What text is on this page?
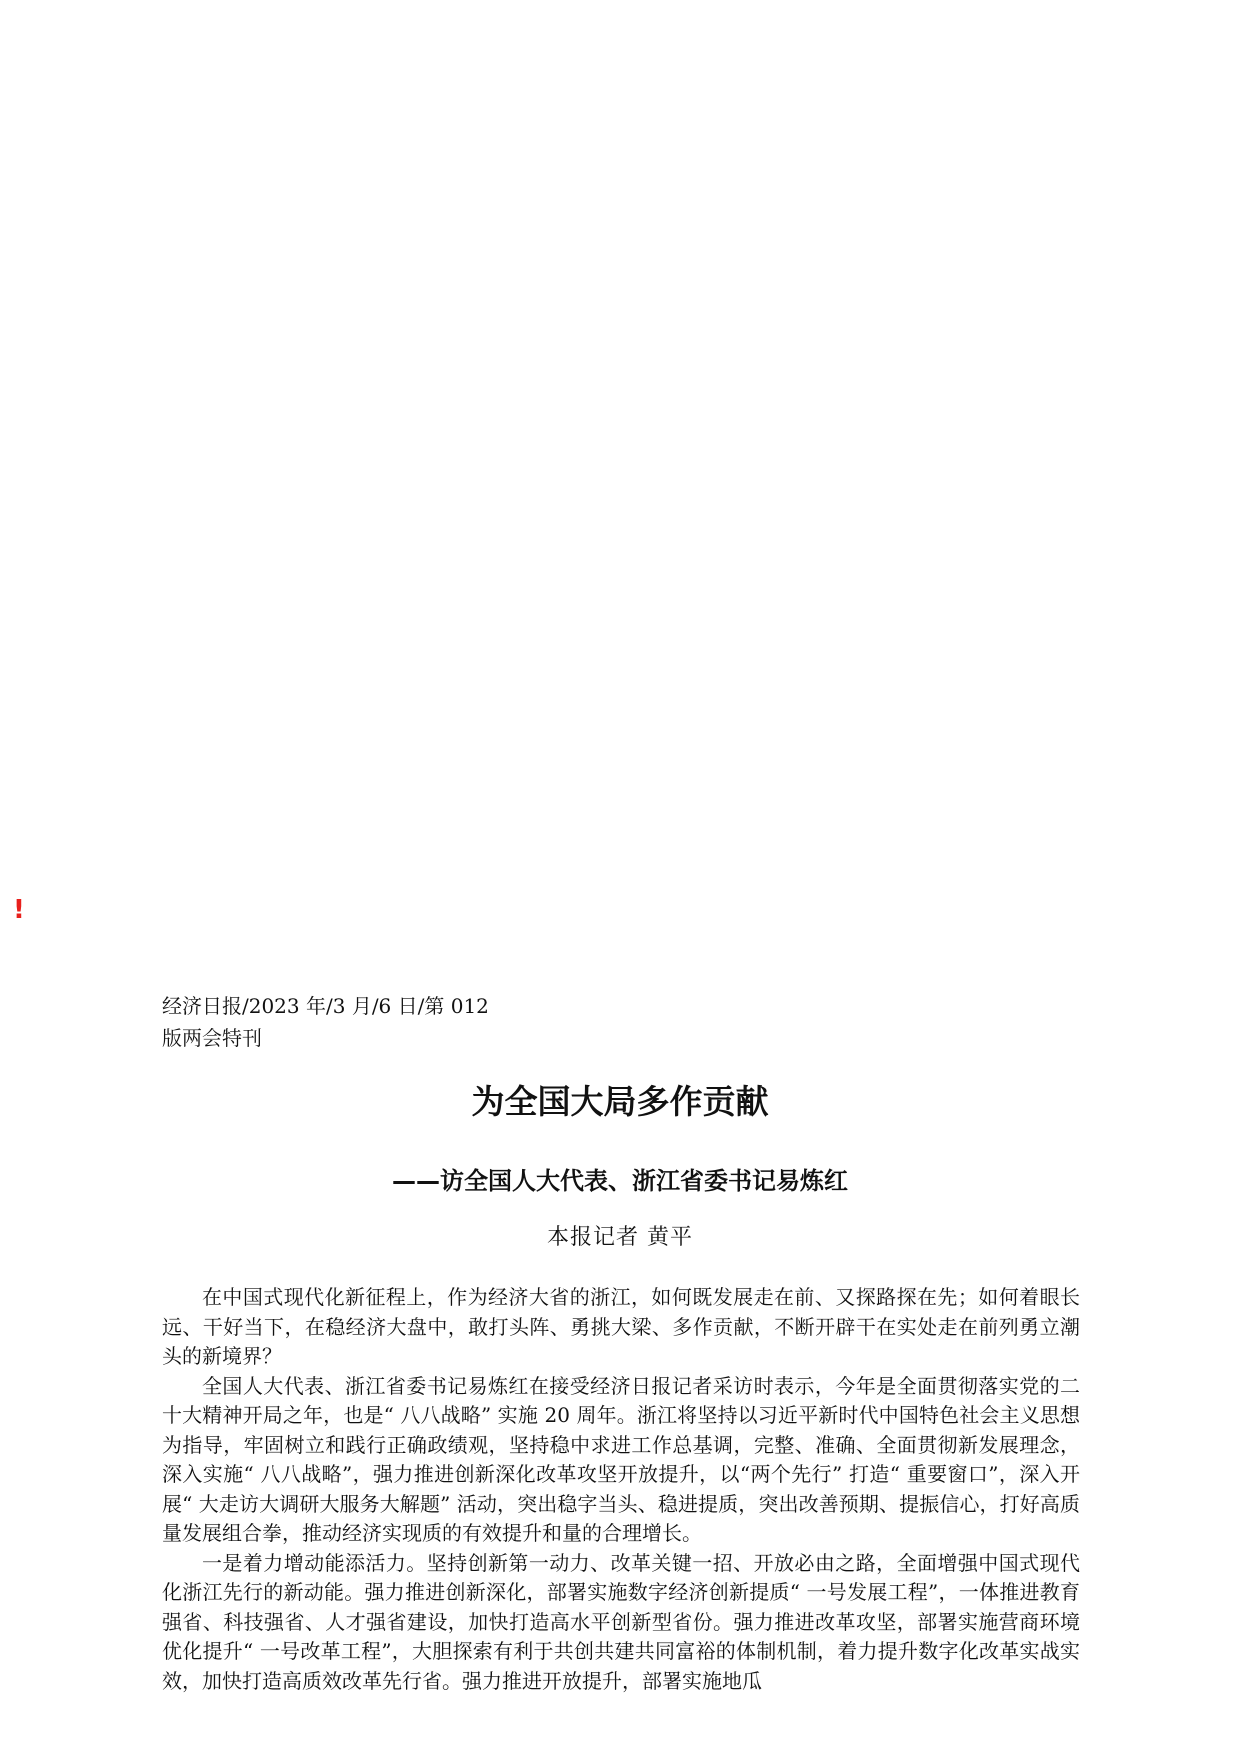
!
经济日报/2023 年/3 月/6 日/第 012 版两会特刊
为全国大局多作贡献
——访全国人大代表、浙江省委书记易炼红
本报记者 黄平

在中国式现代化新征程上，作为经济大省的浙江，如何既发展走在前、又探路探在先；如何着眼长远、干好当下，在稳经济大盘中，敢打头阵、勇挑大梁、多作贡献，不断开辟干在实处走在前列勇立潮头的新境界？

全国人大代表、浙江省委书记易炼红在接受经济日报记者采访时表示，今年是全面贯彻落实党的二十大精神开局之年，也是“ 八八战略” 实施 20 周年。浙江将坚持以习近平新时代中国特色社会主义思想为指导，牢固树立和践行正确政绩观，坚持稳中求进工作总基调，完整、准确、全面贯彻新发展理念，深入实施“ 八八战略”，强力推进创新深化改革攻坚开放提升，以“两个先行” 打造“ 重要窗口”，深入开展“ 大走访大调研大服务大解题” 活动，突出稳字当头、稳进提质，突出改善预期、提振信心，打好高质量发展组合拳，推动经济实现质的有效提升和量的合理增长。

一是着力增动能添活力。坚持创新第一动力、改革关键一招、开放必由之路，全面增强中国式现代化浙江先行的新动能。强力推进创新深化，部署实施数字经济创新提质“ 一号发展工程”，一体推进教育强省、科技强省、人才强省建设，加快打造高水平创新型省份。强力推进改革攻坚，部署实施营商环境优化提升“ 一号改革工程”，大胆探索有利于共创共建共同富裕的体制机制，着力提升数字化改革实战实效，加快打造高质效改革先行省。强力推进开放提升，部署实施地瓜
